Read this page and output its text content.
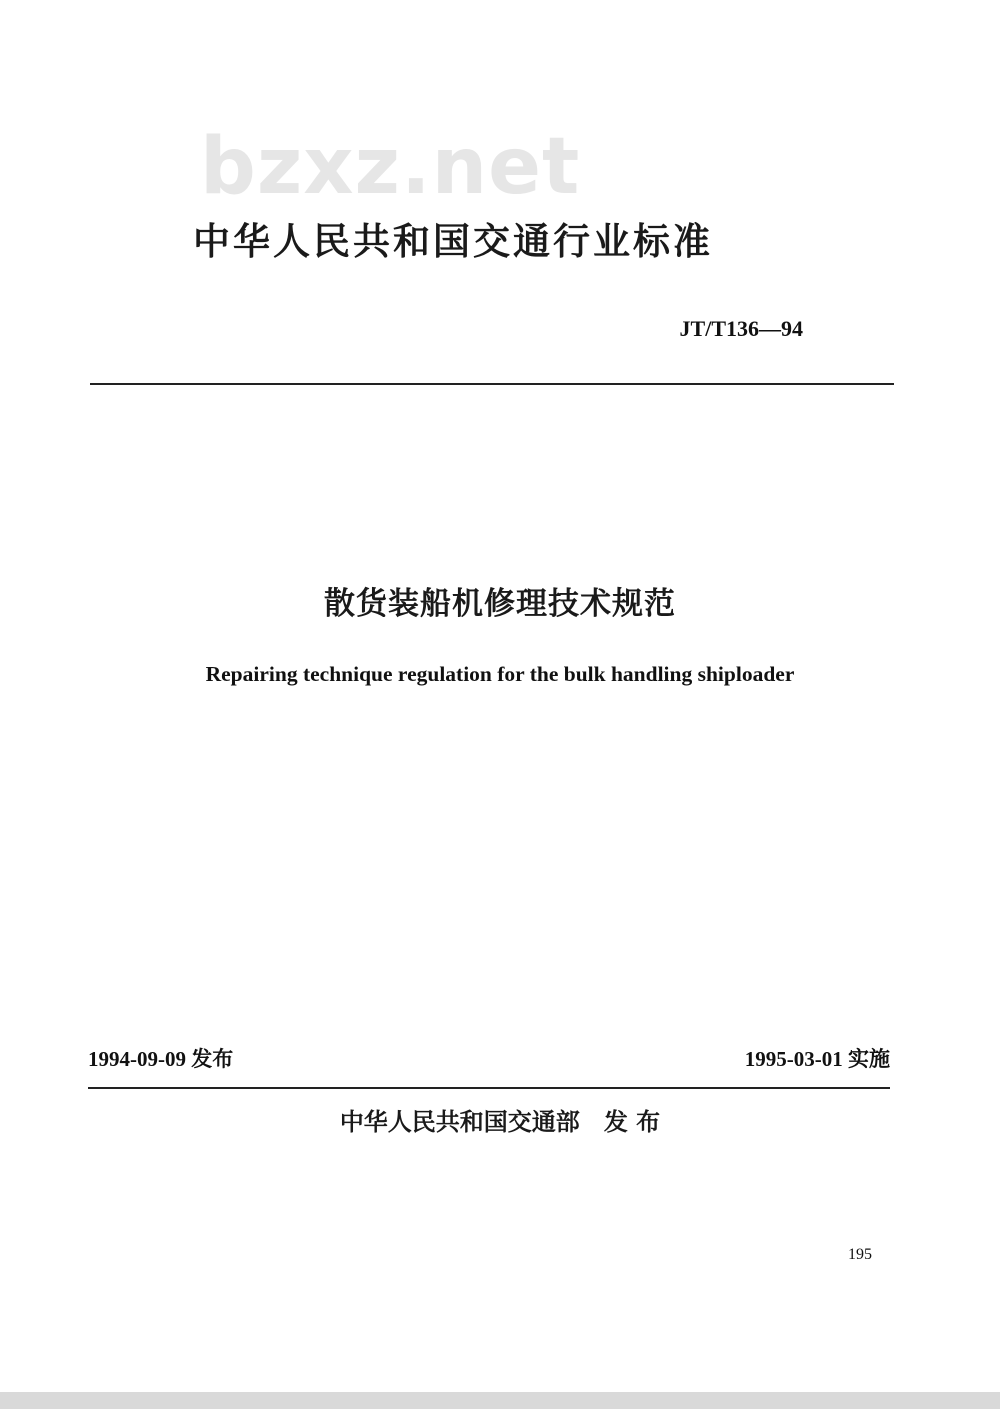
bzxz.net
中华人民共和国交通行业标准
JT/T136—94
散货装船机修理技术规范
Repairing technique regulation for the bulk handling shiploader
1994-09-09 发布	1995-03-01 实施
中华人民共和国交通部 发 布
195
